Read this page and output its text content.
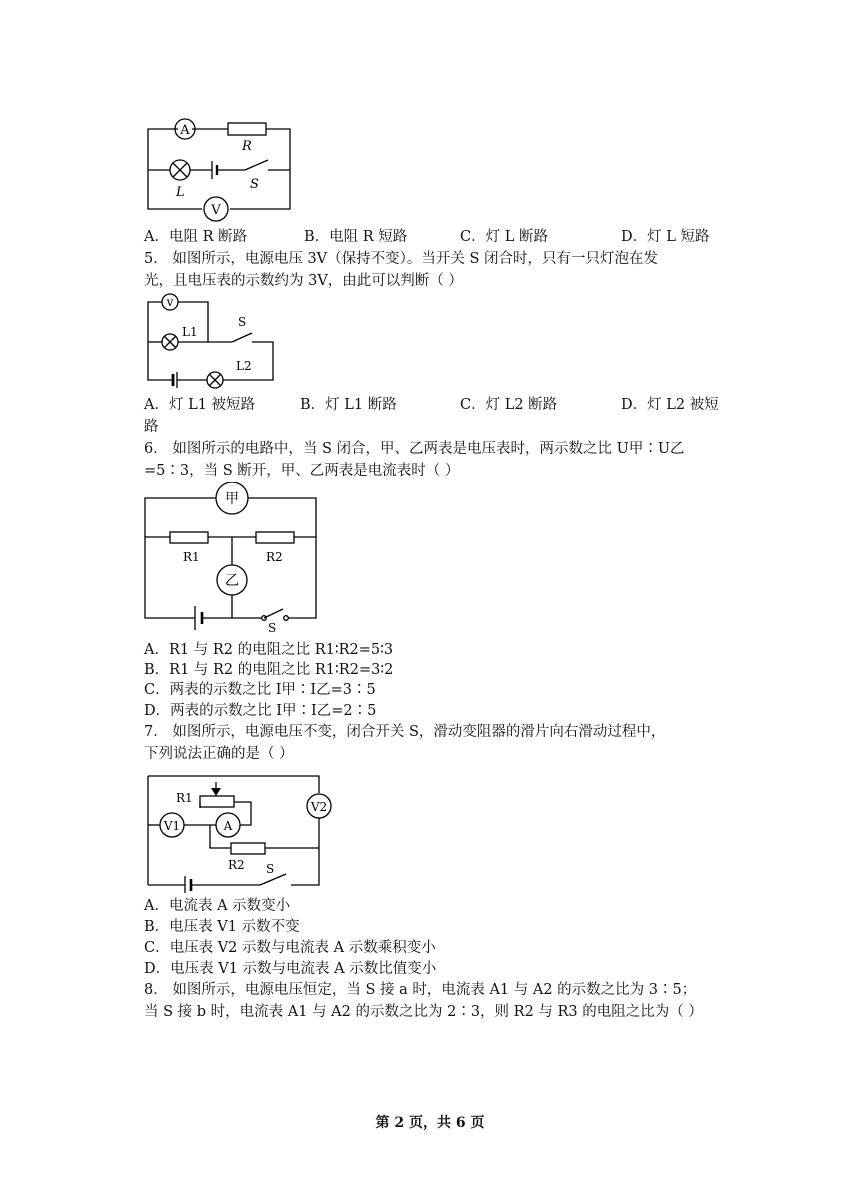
A
R
L
S
V
A．电阻 R 断路	B．电阻 R 短路	C．灯 L 断路	D．灯 L 短路
5． 如图所示，电源电压 3V（保持不变）。当开关 S 闭合时，只有一只灯泡在发
光，且电压表的示数约为 3V，由此可以判断（ ）
v
L1
S
L2
A．灯 L1 被短路	B．灯 L1 断路	C．灯 L2 断路	D．灯 L2 被短
路
6． 如图所示的电路中，当 S 闭合，甲、乙两表是电压表时，两示数之比 U甲∶U乙
=5∶3，当 S 断开，甲、乙两表是电流表时（ ）
甲
R1	R2
乙
S
A．R1 与 R2 的电阻之比 R1∶R2=5∶3
B．R1 与 R2 的电阻之比 R1∶R2=3∶2
C．两表的示数之比 I甲∶I乙=3∶5
D．两表的示数之比 I甲∶I乙=2∶5
7． 如图所示，电源电压不变，闭合开关 S，滑动变阻器的滑片向右滑动过程中，
下列说法正确的是（ ）
R1
V1	A
V2
R2 S
A．电流表 A 示数变小
B．电压表 V1 示数不变
C．电压表 V2 示数与电流表 A 示数乘积变小
D．电压表 V1 示数与电流表 A 示数比值变小
8． 如图所示，电源电压恒定，当 S 接 a 时，电流表 A1 与 A2 的示数之比为 3∶5；
当 S 接 b 时，电流表 A1 与 A2 的示数之比为 2∶3，则 R2 与 R3 的电阻之比为（ ）
第 2 页，共 6 页
